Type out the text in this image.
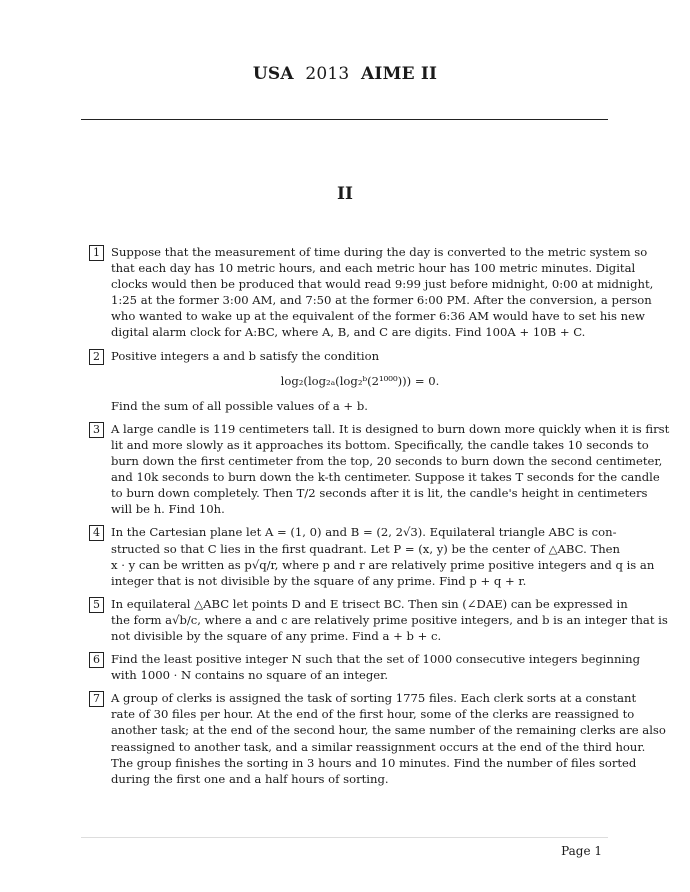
USA 2013 AIME II
II
1 Suppose that the measurement of time during the day is converted to the metric system so
that each day has 10 metric hours, and each metric hour has 100 metric minutes. Digital
clocks would then be produced that would read 9:99 just before midnight, 0:00 at midnight,
1:25 at the former 3:00 AM, and 7:50 at the former 6:00 PM. After the conversion, a person
who wanted to wake up at the equivalent of the former 6:36 AM would have to set his new
digital alarm clock for A:BC, where A, B, and C are digits. Find 100A + 10B + C.
2 Positive integers a and b satisfy the condition
log₂(log₂ₐ(log₂ᵇ(2¹⁰⁰⁰))) = 0.
Find the sum of all possible values of a + b.
3 A large candle is 119 centimeters tall. It is designed to burn down more quickly when it is first
lit and more slowly as it approaches its bottom. Specifically, the candle takes 10 seconds to
burn down the first centimeter from the top, 20 seconds to burn down the second centimeter,
and 10k seconds to burn down the k-th centimeter. Suppose it takes T seconds for the candle
to burn down completely. Then T/2 seconds after it is lit, the candle's height in centimeters
will be h. Find 10h.
4 In the Cartesian plane let A = (1, 0) and B = (2, 2√3). Equilateral triangle ABC is con-
structed so that C lies in the first quadrant. Let P = (x, y) be the center of △ABC. Then
x · y can be written as p√q/r, where p and r are relatively prime positive integers and q is an
integer that is not divisible by the square of any prime. Find p + q + r.
5 In equilateral △ABC let points D and E trisect BC. Then sin (∠DAE) can be expressed in
the form a√b/c, where a and c are relatively prime positive integers, and b is an integer that is
not divisible by the square of any prime. Find a + b + c.
6 Find the least positive integer N such that the set of 1000 consecutive integers beginning
with 1000 · N contains no square of an integer.
7 A group of clerks is assigned the task of sorting 1775 files. Each clerk sorts at a constant
rate of 30 files per hour. At the end of the first hour, some of the clerks are reassigned to
another task; at the end of the second hour, the same number of the remaining clerks are also
reassigned to another task, and a similar reassignment occurs at the end of the third hour.
The group finishes the sorting in 3 hours and 10 minutes. Find the number of files sorted
during the first one and a half hours of sorting.
Page 1
